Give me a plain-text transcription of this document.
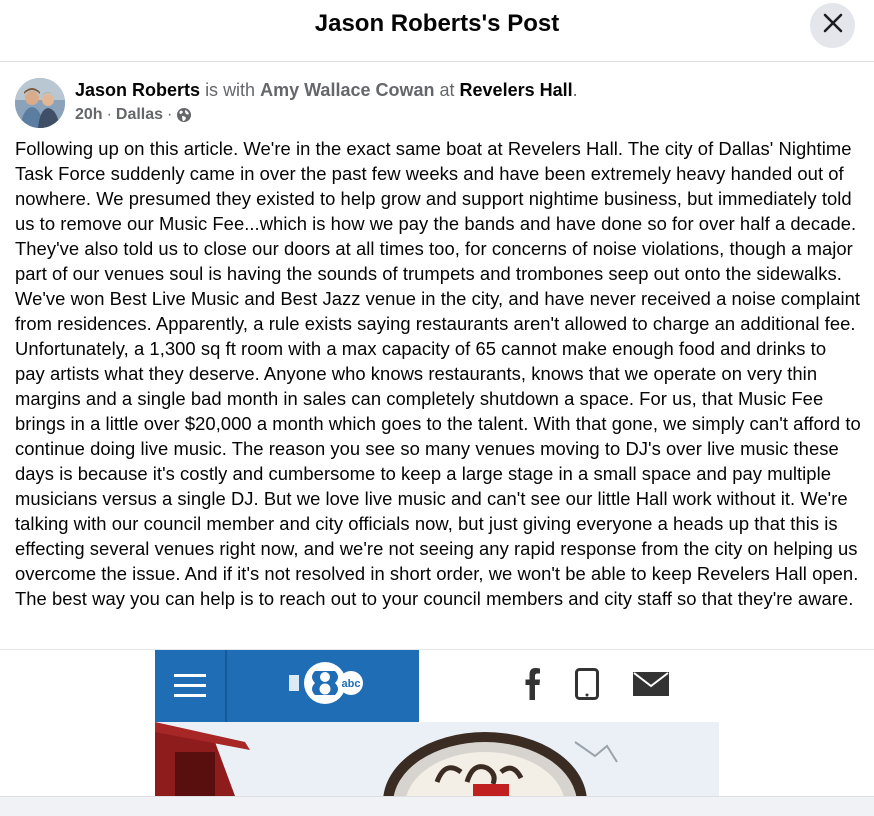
Jason Roberts's Post
Jason Roberts is with Amy Wallace Cowan at Revelers Hall.
20h · Dallas ·
Following up on this article. We're in the exact same boat at Revelers Hall. The city of Dallas' Nightime Task Force suddenly came in over the past few weeks and have been extremely heavy handed out of nowhere. We presumed they existed to help grow and support nightime business, but immediately told us to remove our Music Fee...which is how we pay the bands and have done so for over half a decade. They've also told us to close our doors at all times too, for concerns of noise violations, though a major part of our venues soul is having the sounds of trumpets and trombones seep out onto the sidewalks. We've won Best Live Music and Best Jazz venue in the city, and have never received a noise complaint from residences. Apparently, a rule exists saying restaurants aren't allowed to charge an additional fee. Unfortunately, a 1,300 sq ft room with a max capacity of 65 cannot make enough food and drinks to pay artists what they deserve. Anyone who knows restaurants, knows that we operate on very thin margins and a single bad month in sales can completely shutdown a space. For us, that Music Fee brings in a little over $20,000 a month which goes to the talent. With that gone, we simply can't afford to continue doing live music. The reason you see so many venues moving to DJ's over live music these days is because it's costly and cumbersome to keep a large stage in a small space and pay multiple musicians versus a single DJ. But we love live music and can't see our little Hall work without it. We're talking with our council member and city officials now, but just giving everyone a heads up that this is effecting several venues right now, and we're not seeing any rapid response from the city on helping us overcome the issue. And if it's not resolved in short order, we won't be able to keep Revelers Hall open. The best way you can help is to reach out to your council members and city staff so that they're aware.
abc
